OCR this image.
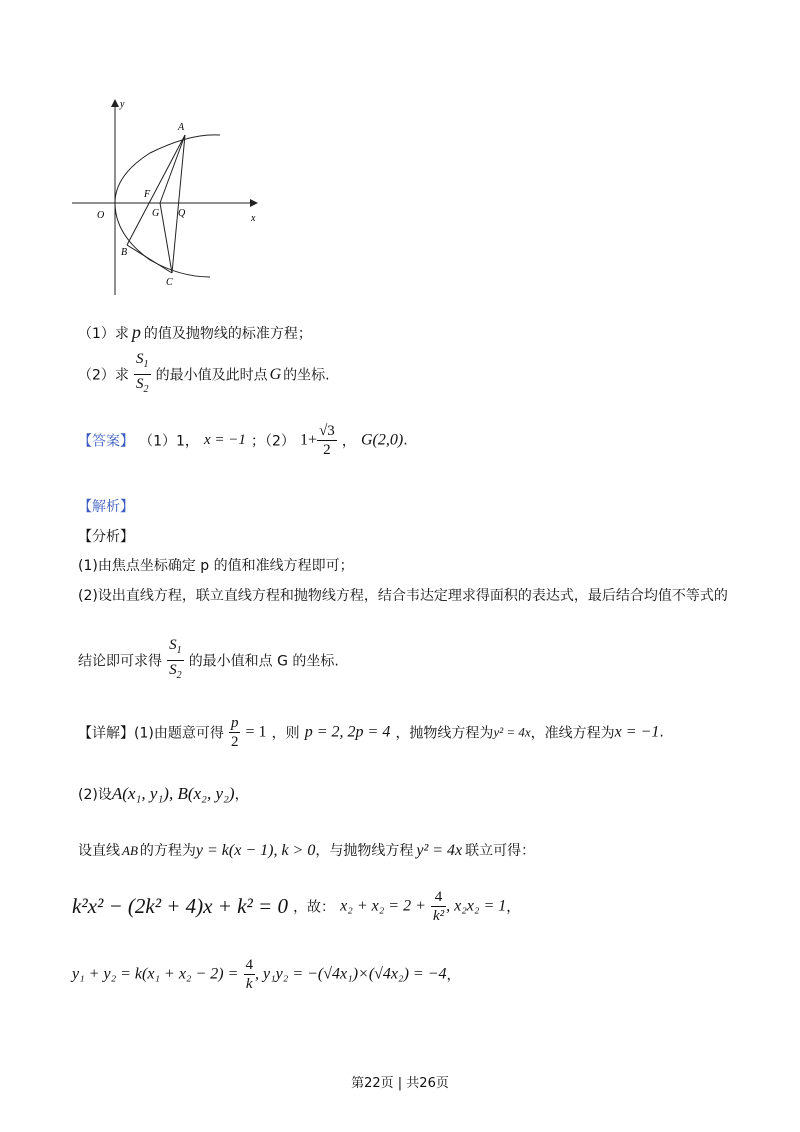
y
x
A
F
O	G Q
B
C
（1）求 p 的值及抛物线的标准方程；
（2）求 $\frac{S_1}{S_2}$ 的最小值及此时点 G 的坐标.
【答案】 （1）1， x = −1 ；（2） $1+ \frac{√3}{2}$ ， G(2,0).
【解析】
【分析】
(1)由焦点坐标确定 p 的值和准线方程即可；
(2)设出直线方程，联立直线方程和抛物线方程，结合韦达定理求得面积的表达式，最后结合均值不等式的
结论即可求得 $\frac{S_1}{S_2}$ 的最小值和点 G 的坐标.
【详解】(1)由题意可得 $\frac{p}{2} = 1$ ，则 p = 2, 2p = 4 ，抛物线方程为y² = 4x，准线方程为x = −1.
(2)设A(x₁, y₁), B(x₂, y₂)，
设直线 AB 的方程为y = k(x − 1), k > 0，与抛物线方程 y² = 4x 联立可得：
k²x² − (2k² + 4)x + k² = 0 ，故： $x_2 + x_2 = 2 + \frac{4}{\text{k²}}$ , x₂x₂ = 1，
$y_1 + y_2 = k(x_1 + x_2 - 2) = \frac{4}{k}$ , y₁y₂ = −(√4x₁)×(√4x₂) = −4，
第22页 | 共26页
